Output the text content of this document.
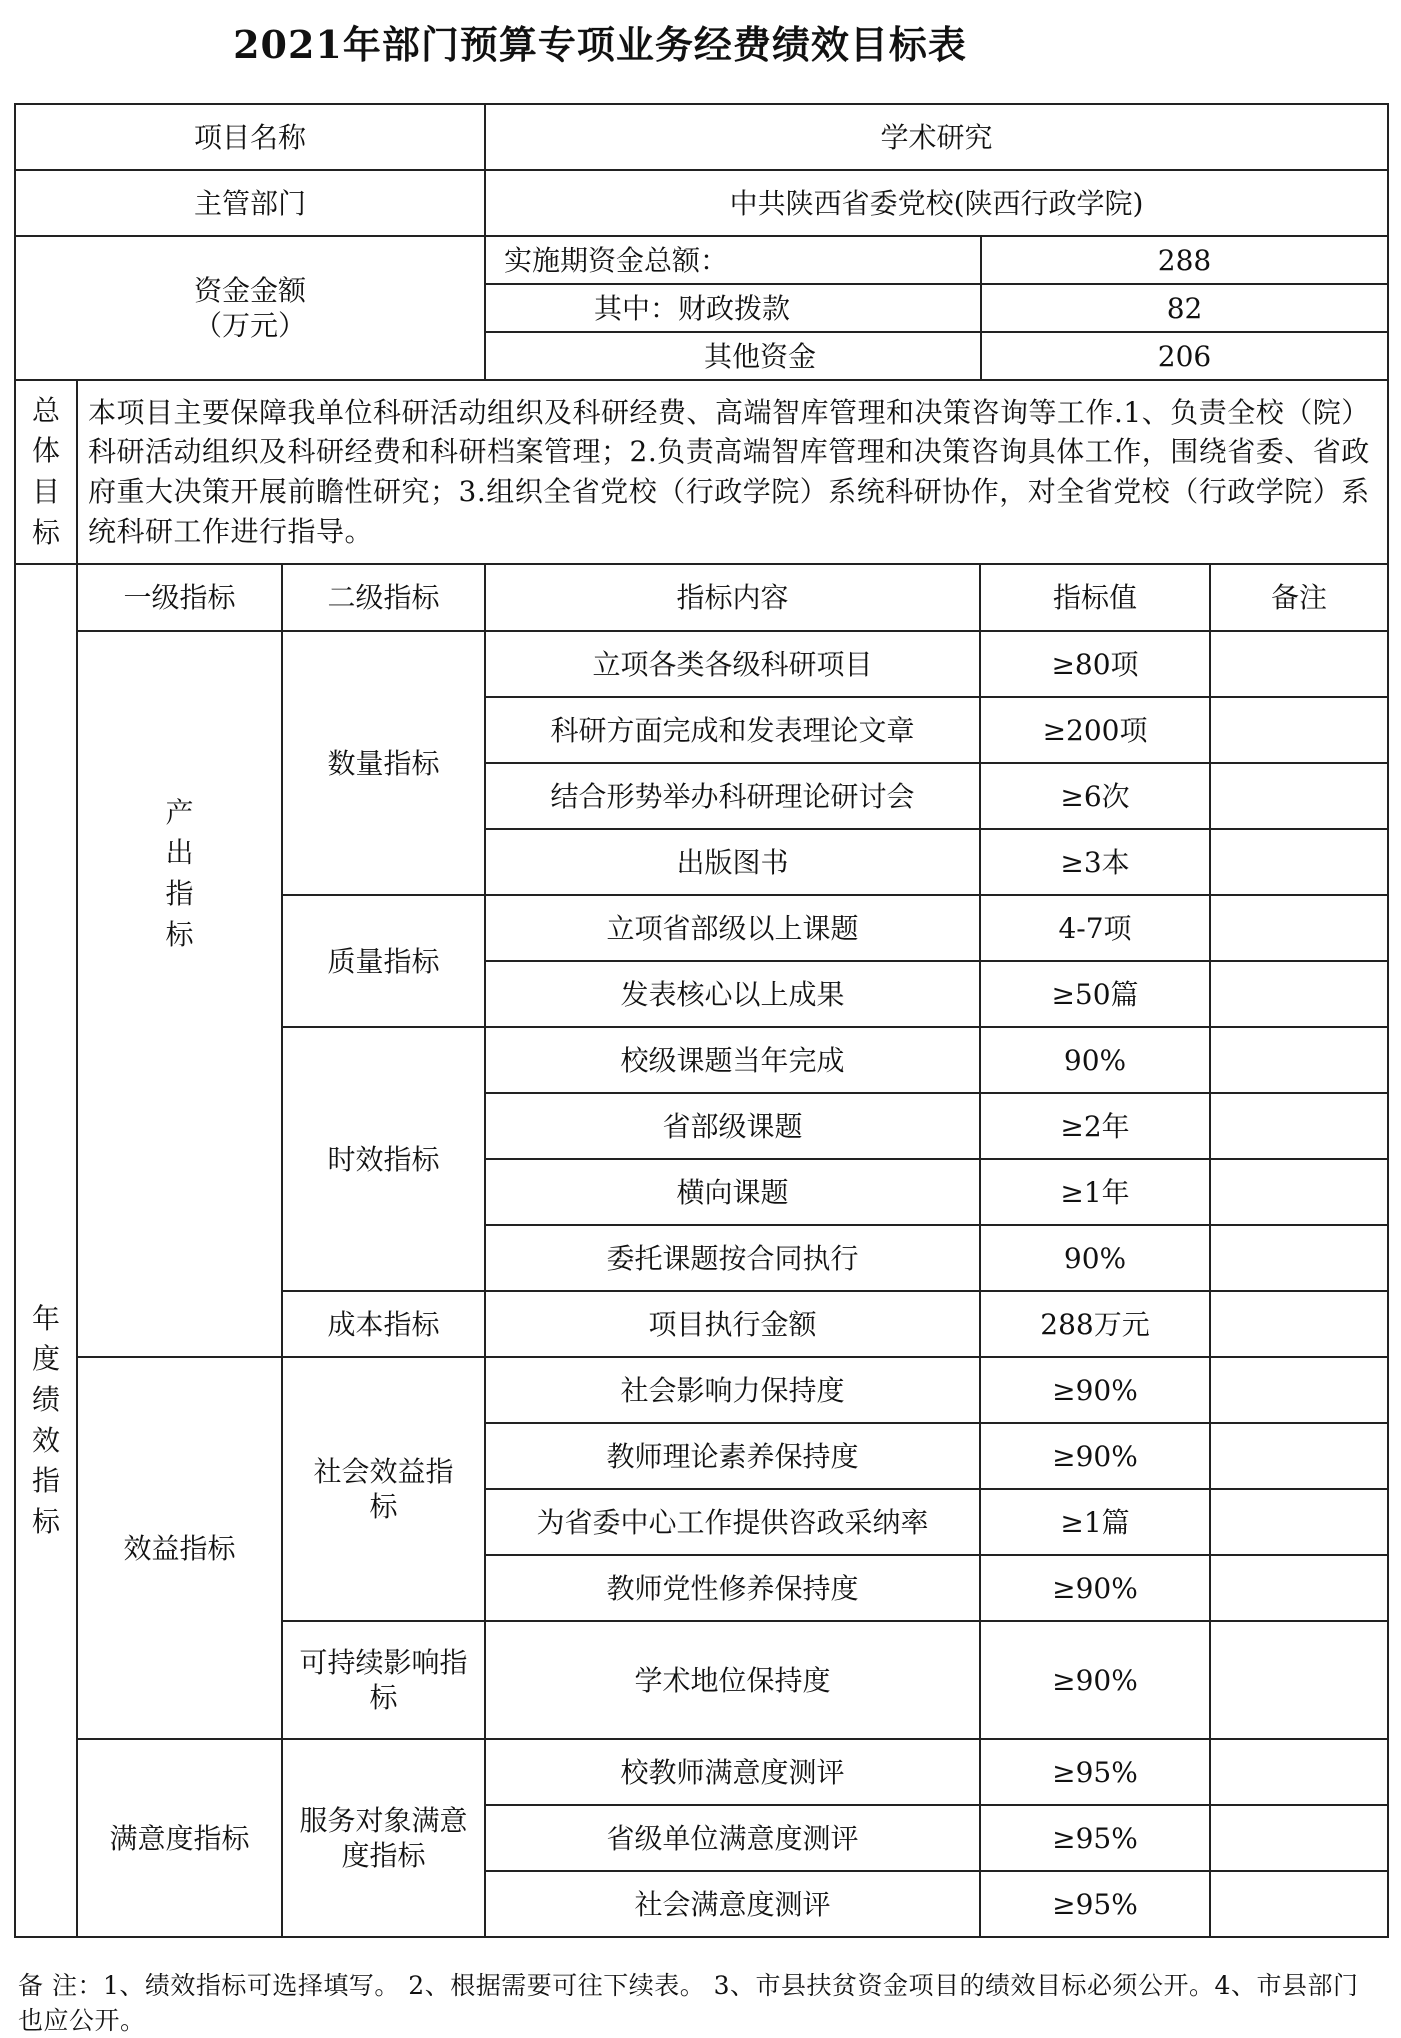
2021年部门预算专项业务经费绩效目标表
项目名称	学术研究
主管部门	中共陕西省委党校(陕西行政学院)
资金金额
（万元）	
实施期资金总额：	288
其中：财政拨款	82
其他资金	206

总体目标	本项目主要保障我单位科研活动组织及科研经费、高端智库管理和决策咨询等工作.1、负责全校（院）科研活动组织及科研经费和科研档案管理；2.负责高端智库管理和决策咨询具体工作，围绕省委、省政府重大决策开展前瞻性研究；3.组织全省党校（行政学院）系统科研协作，对全省党校（行政学院）系统科研工作进行指导。
年度绩效指标	一级指标	二级指标	指标内容	指标值	备注
产出指标	数量指标	立项各类各级科研项目	≥80项	
科研方面完成和发表理论文章	≥200项	
结合形势举办科研理论研讨会	≥6次	
出版图书	≥3本	
质量指标	立项省部级以上课题	4-7项	
发表核心以上成果	≥50篇	
时效指标	校级课题当年完成	90%	
省部级课题	≥2年	
横向课题	≥1年	
委托课题按合同执行	90%	
成本指标	项目执行金额	288万元	
效益指标	社会效益指标	社会影响力保持度	≥90%	
教师理论素养保持度	≥90%	
为省委中心工作提供咨政采纳率	≥1篇	
教师党性修养保持度	≥90%	
可持续影响指标	学术地位保持度	≥90%	
满意度指标	服务对象满意度指标	校教师满意度测评	≥95%	
省级单位满意度测评	≥95%	
社会满意度测评	≥95%	
备 注：1、绩效指标可选择填写。 2、根据需要可往下续表。 3、市县扶贫资金项目的绩效目标必须公开。4、市县部门也应公开。
